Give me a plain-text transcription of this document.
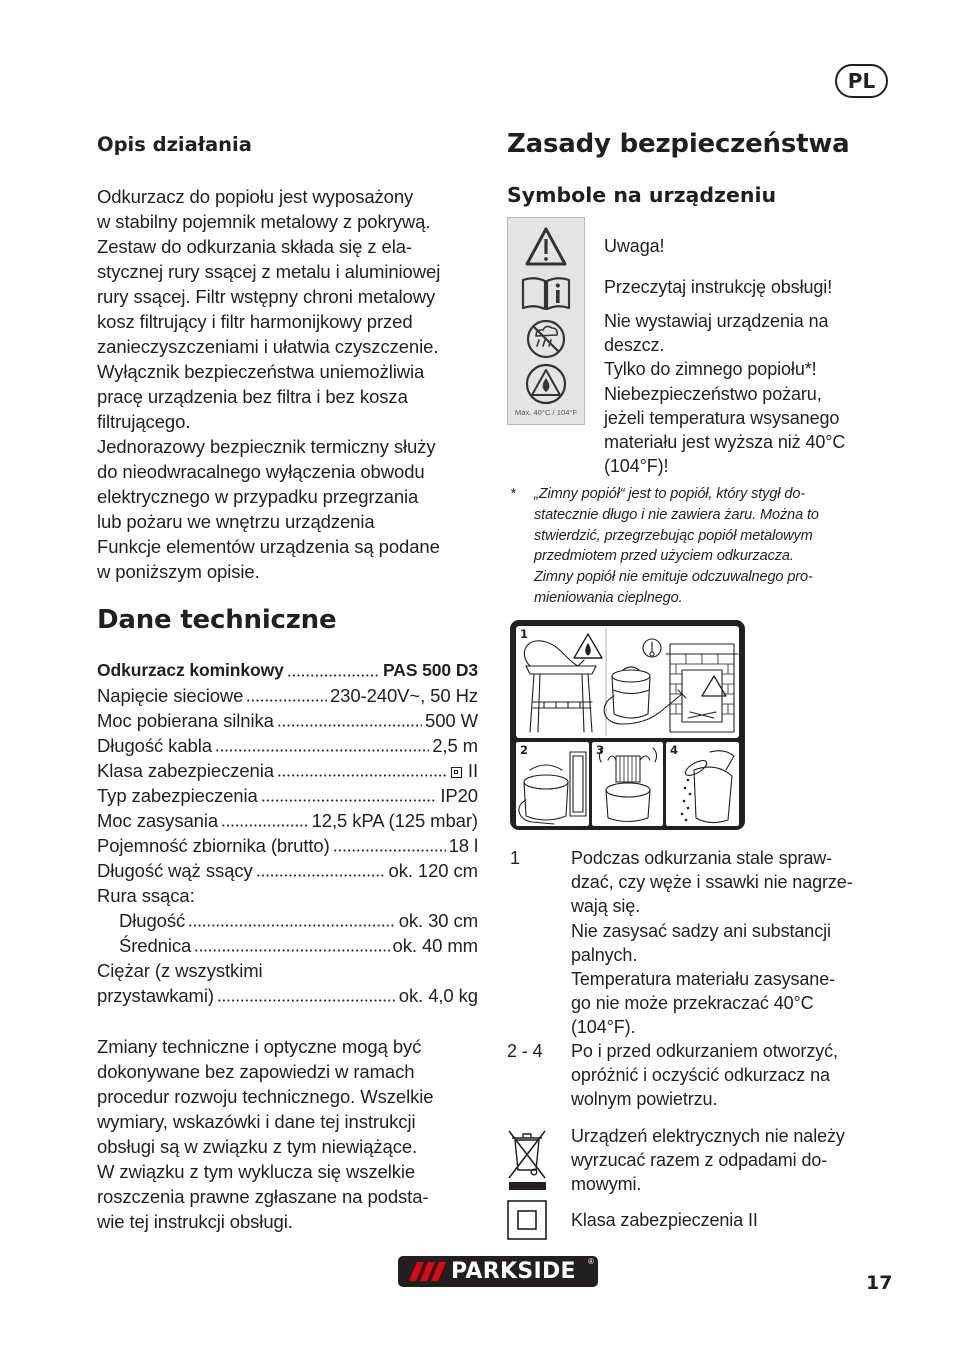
PL
Opis działania
Odkurzacz do popiołu jest wyposażony
w stabilny pojemnik metalowy z pokrywą.
Zestaw do odkurzania składa się z ela-
stycznej rury ssącej z metalu i aluminiowej
rury ssącej. Filtr wstępny chroni metalowy
kosz filtrujący i filtr harmonijkowy przed
zanieczyszczeniami i ułatwia czyszczenie.
Wyłącznik bezpieczeństwa uniemożliwia
pracę urządzenia bez filtra i bez kosza
filtrującego.
Jednorazowy bezpiecznik termiczny służy
do nieodwracalnego wyłączenia obwodu
elektrycznego w przypadku przegrzania
lub pożaru we wnętrzu urządzenia
Funkcje elementów urządzenia są podane
w poniższym opisie.
Dane techniczne
Odkurzacz kominkowy	PAS 500 D3
Napięcie sieciowe	230-240V~, 50 Hz
Moc pobierana silnika	500 W
Długość kabla	2,5 m
Klasa zabezpieczenia	II
Typ zabezpieczenia	IP20
Moc zasysania	12,5 kPA (125 mbar)
Pojemność zbiornika (brutto)	18 l
Długość wąż ssący	ok. 120 cm
Rura ssąca:
Długość	ok. 30 cm
Średnica	ok. 40 mm
Ciężar (z wszystkimi
przystawkami)	ok. 4,0 kg
Zmiany techniczne i optyczne mogą być
dokonywane bez zapowiedzi w ramach
procedur rozwoju technicznego. Wszelkie
wymiary, wskazówki i dane tej instrukcji
obsługi są w związku z tym niewiążące.
W związku z tym wyklucza się wszelkie
roszczenia prawne zgłaszane na podsta-
wie tej instrukcji obsługi.
Zasady bezpieczeństwa
Symbole na urządzeniu
Max. 40°C / 104°F
Uwaga!
Przeczytaj instrukcję obsługi!
Nie wystawiaj urządzenia na
deszcz.
Tylko do zimnego popiołu*!
Niebezpieczeństwo pożaru,
jeżeli temperatura wsysanego
materiału jest wyższa niż 40°C
(104°F)!
* „Zimny popiół“ jest to popiół, który stygł do-
statecznie długo i nie zawiera żaru. Można to
stwierdzić, przegrzebując popiół metalowym
przedmiotem przed użyciem odkurzacza.
Zimny popiół nie emituje odczuwalnego pro-
mieniowania cieplnego.
1
2	3	4
1	Podczas odkurzania stale spraw-
dzać, czy węże i ssawki nie nagrze-
wają się.
Nie zasysać sadzy ani substancji
palnych.
Temperatura materiału zasysane-
go nie może przekraczać 40°C
(104°F).
2 - 4 Po i przed odkurzaniem otworzyć,
opróżnić i oczyścić odkurzacz na
wolnym powietrzu.
Urządzeń elektrycznych nie należy
wyrzucać razem z odpadami do-
mowymi.
Klasa zabezpieczenia II
PARKSIDE ®
17
